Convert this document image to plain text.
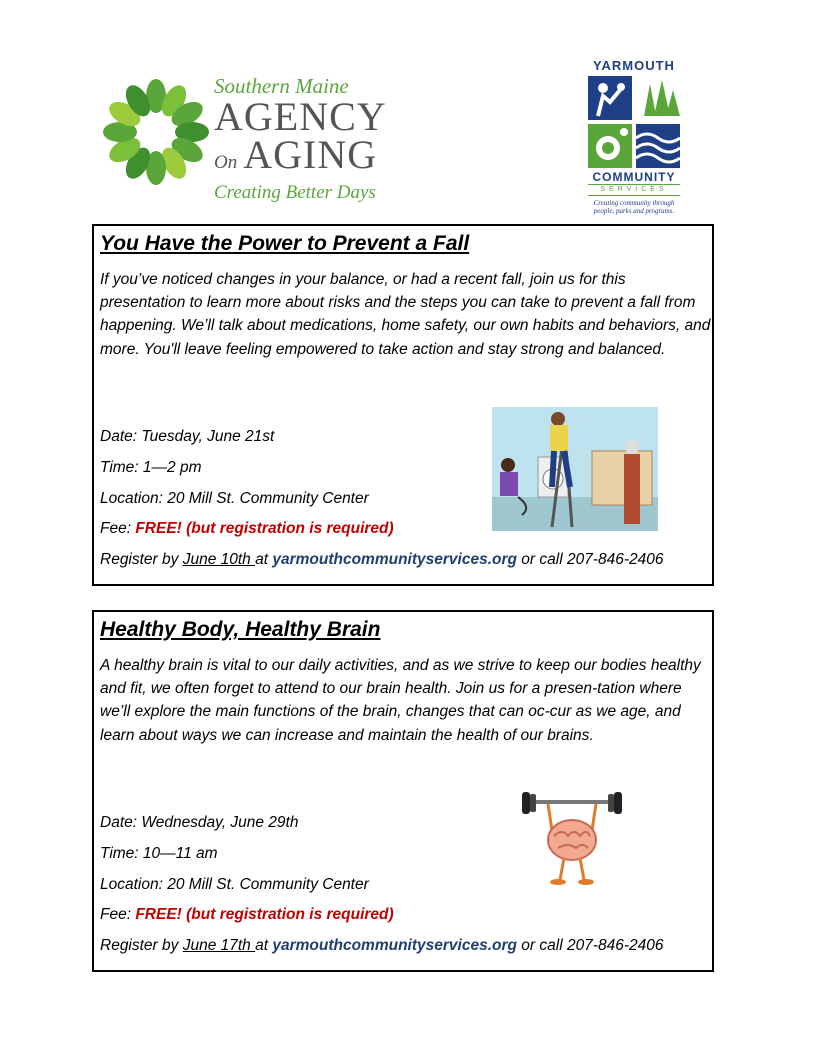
Southern Maine
AGENCY
On AGING
Creating Better Days
YARMOUTH
COMMUNITY
SERVICES
Creating community through
people, parks and programs.
You Have the Power to Prevent a Fall
If you’ve noticed changes in your balance, or had a recent fall, join us for this presentation to learn more about risks and the steps you can take to prevent a fall from happening. We’ll talk about medications, home safety, our own habits and behaviors, and more. You'll leave feeling empowered to take action and stay strong and balanced.
Date: Tuesday, June 21st
Time: 1—2 pm
Location: 20 Mill St. Community Center
Fee: FREE! (but registration is required)
Register by June 10th at yarmouthcommunityservices.org or call 207-846-2406
Healthy Body, Healthy Brain
A healthy brain is vital to our daily activities, and as we strive to keep our bodies healthy and fit, we often forget to attend to our brain health. Join us for a presen-tation where we’ll explore the main functions of the brain, changes that can oc-cur as we age, and learn about ways we can increase and maintain the health of our brains.
Date: Wednesday, June 29th
Time: 10—11 am
Location: 20 Mill St. Community Center
Fee: FREE! (but registration is required)
Register by June 17th at yarmouthcommunityservices.org or call 207-846-2406
